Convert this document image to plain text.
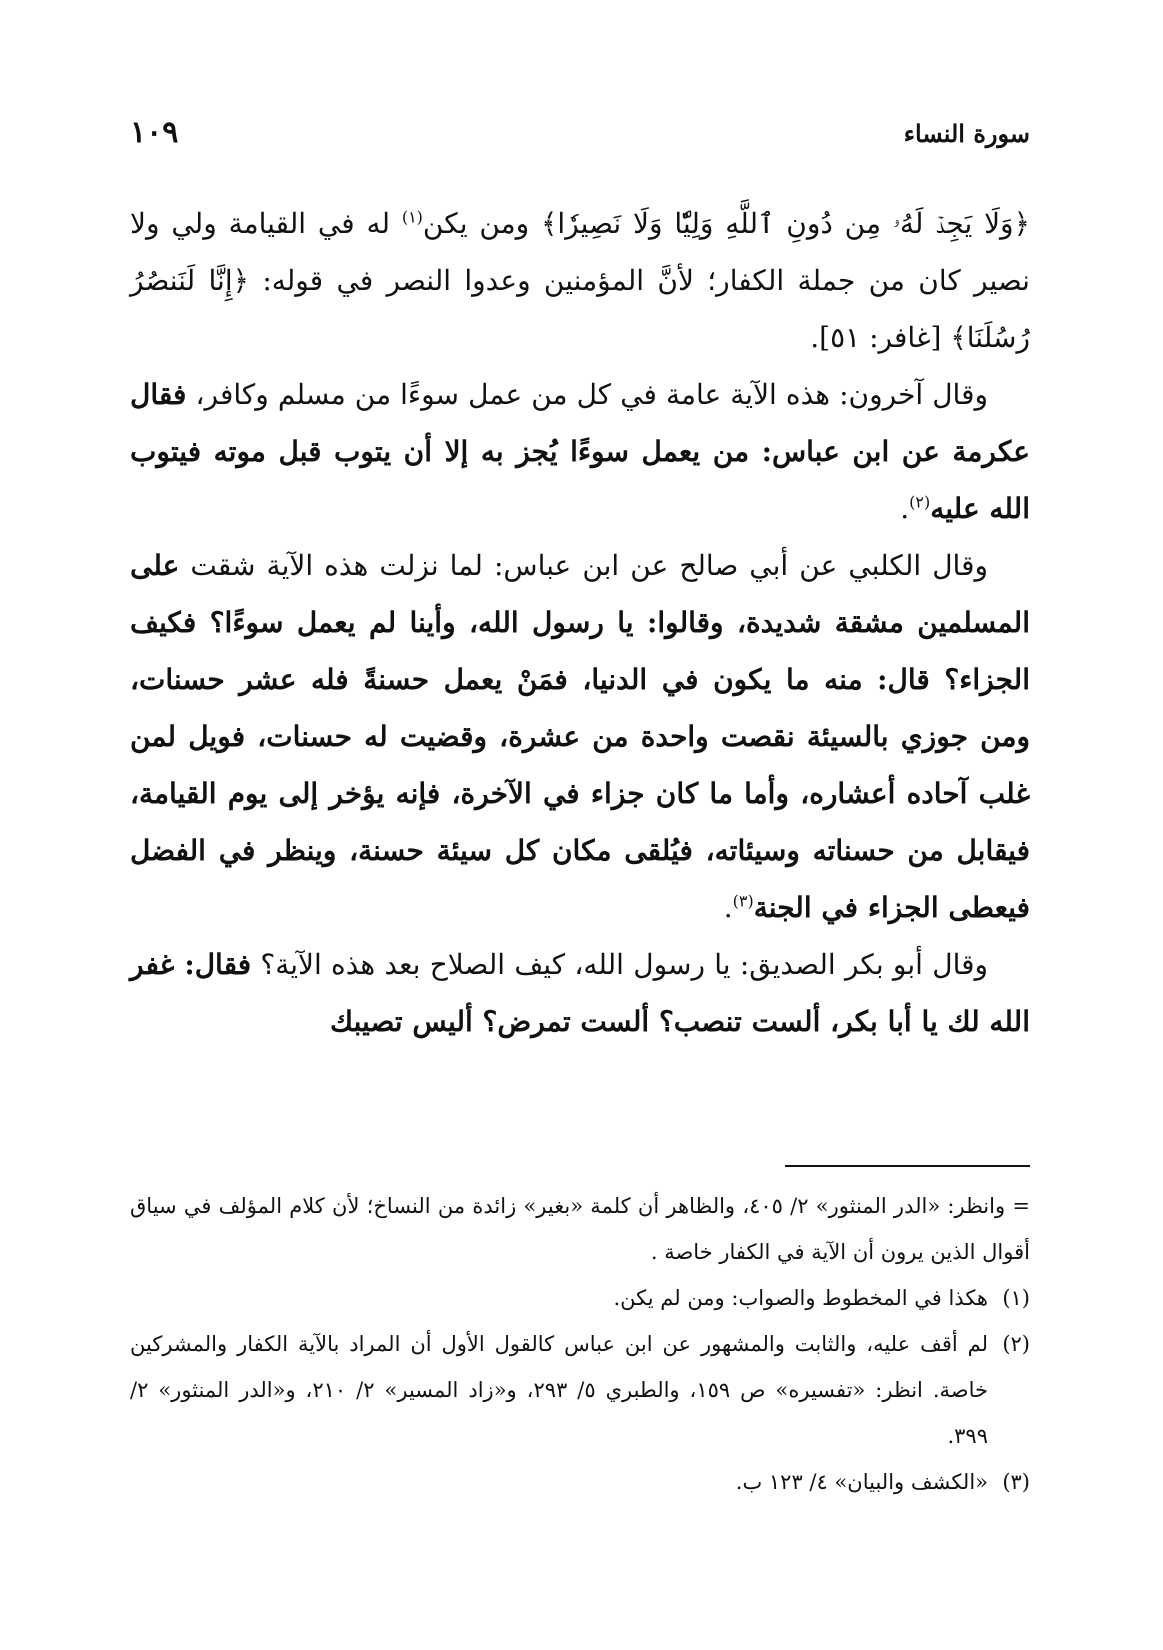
سورة النساء
١٠٩

﴿وَلَا يَجِدۡ لَهُۥ مِن دُونِ ٱللَّهِ وَلِيّٗا وَلَا نَصِيرٗا﴾ ومن يكن$^{(١)}$ له في القيامة ولي ولا نصير كان من جملة الكفار؛ لأنَّ المؤمنين وعدوا النصر في قوله: ﴿إِنَّا لَنَنصُرُ رُسُلَنَا﴾ [غافر: ٥١].

وقال آخرون: هذه الآية عامة في كل من عمل سوءًا من مسلم وكافر، فقال عكرمة عن ابن عباس: من يعمل سوءًا يُجز به إلا أن يتوب قبل موته فيتوب الله عليه$^{(٢)}$.

وقال الكلبي عن أبي صالح عن ابن عباس: لما نزلت هذه الآية شقت على المسلمين مشقة شديدة، وقالوا: يا رسول الله، وأينا لم يعمل سوءًا؟ فكيف الجزاء؟ قال: منه ما يكون في الدنيا، فمَنْ يعمل حسنةً فله عشر حسنات، ومن جوزي بالسيئة نقصت واحدة من عشرة، وقضيت له حسنات، فويل لمن غلب آحاده أعشاره، وأما ما كان جزاء في الآخرة، فإنه يؤخر إلى يوم القيامة، فيقابل من حسناته وسيئاته، فيُلقى مكان كل سيئة حسنة، وينظر في الفضل فيعطى الجزاء في الجنة$^{(٣)}$.

وقال أبو بكر الصديق: يا رسول الله، كيف الصلاح بعد هذه الآية؟ فقال: غفر الله لك يا أبا بكر، ألست تنصب؟ ألست تمرض؟ أليس تصيبك

= وانظر: «الدر المنثور» ٢/ ٤٠٥، والظاهر أن كلمة «بغير» زائدة من النساخ؛ لأن كلام المؤلف في سياق أقوال الذين يرون أن الآية في الكفار خاصة .

(١)
هكذا في المخطوط والصواب: ومن لم يكن.
(٢)
لم أقف عليه، والثابت والمشهور عن ابن عباس كالقول الأول أن المراد بالآية الكفار والمشركين خاصة. انظر: «تفسيره» ص ١٥٩، والطبري ٥/ ٢٩٣، و«زاد المسير» ٢/ ٢١٠، و«الدر المنثور» ٢/ ٣٩٩.
(٣)
«الكشف والبيان» ٤/ ١٢٣ ب.
